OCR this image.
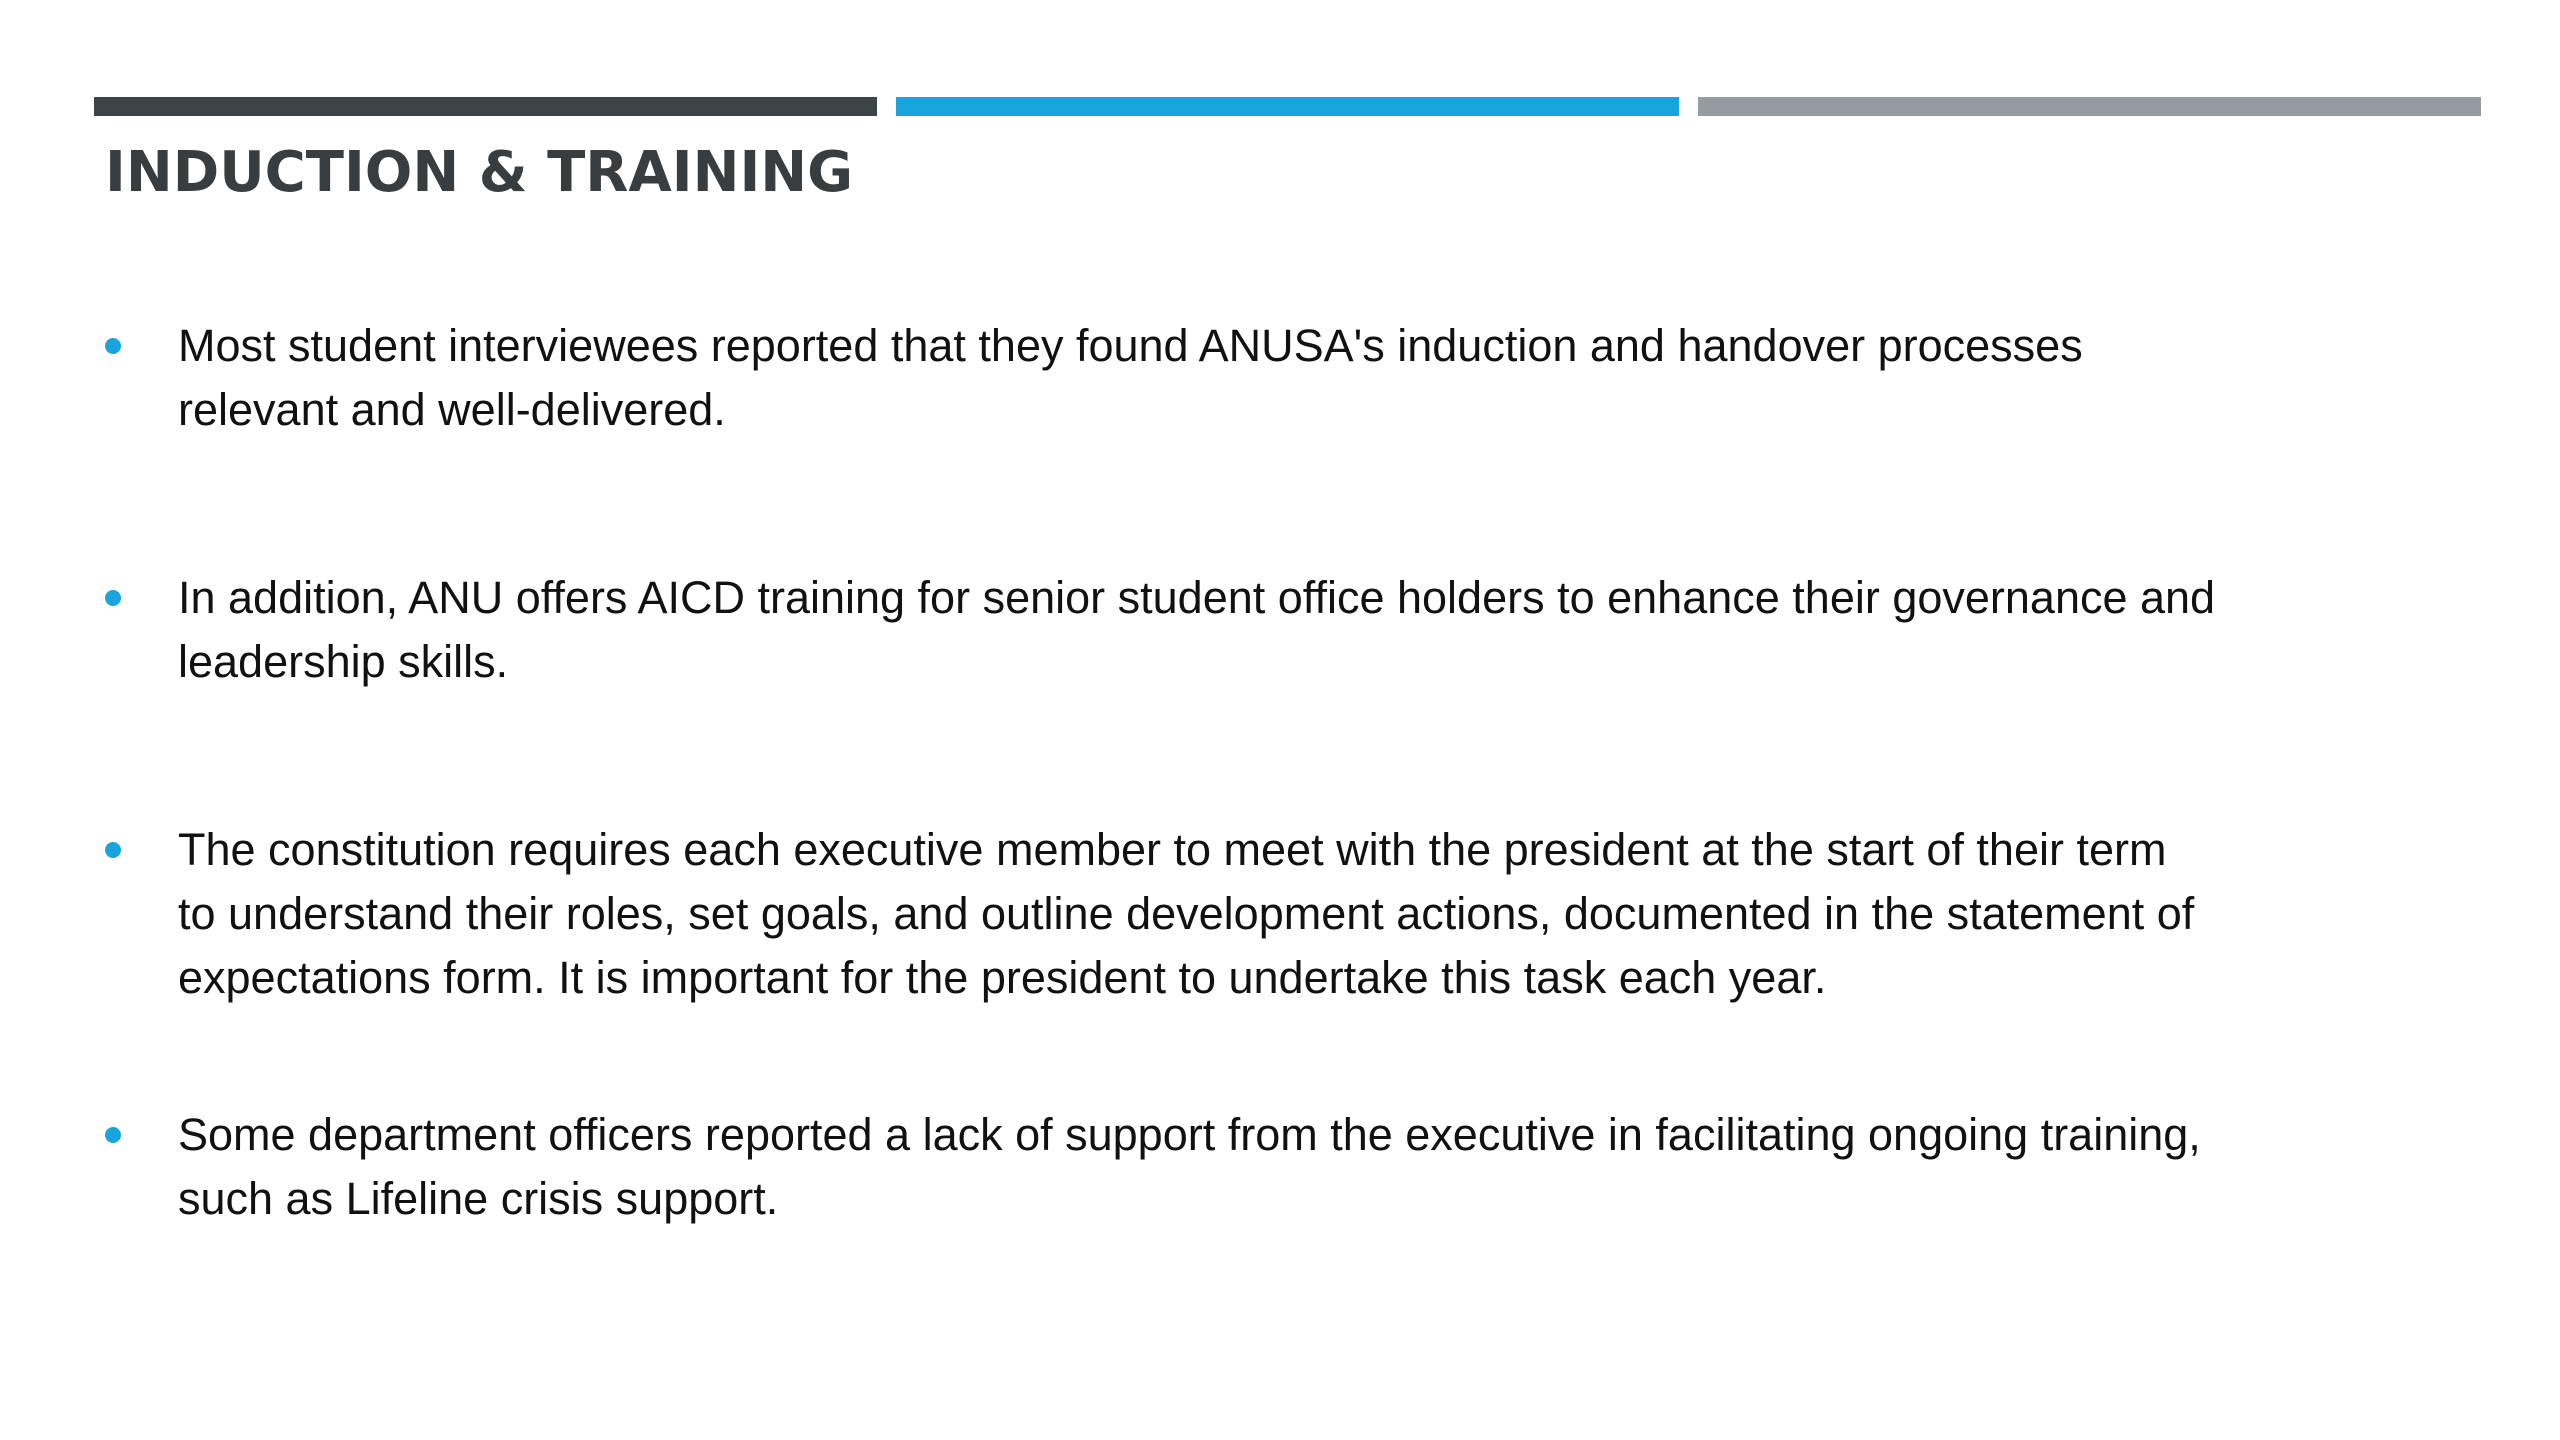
INDUCTION & TRAINING
Most student interviewees reported that they found ANUSA's induction and handover processes
relevant and well-delivered.
In addition, ANU offers AICD training for senior student office holders to enhance their governance and
leadership skills.
The constitution requires each executive member to meet with the president at the start of their term
to understand their roles, set goals, and outline development actions, documented in the statement of
expectations form. It is important for the president to undertake this task each year.
Some department officers reported a lack of support from the executive in facilitating ongoing training,
such as Lifeline crisis support.
